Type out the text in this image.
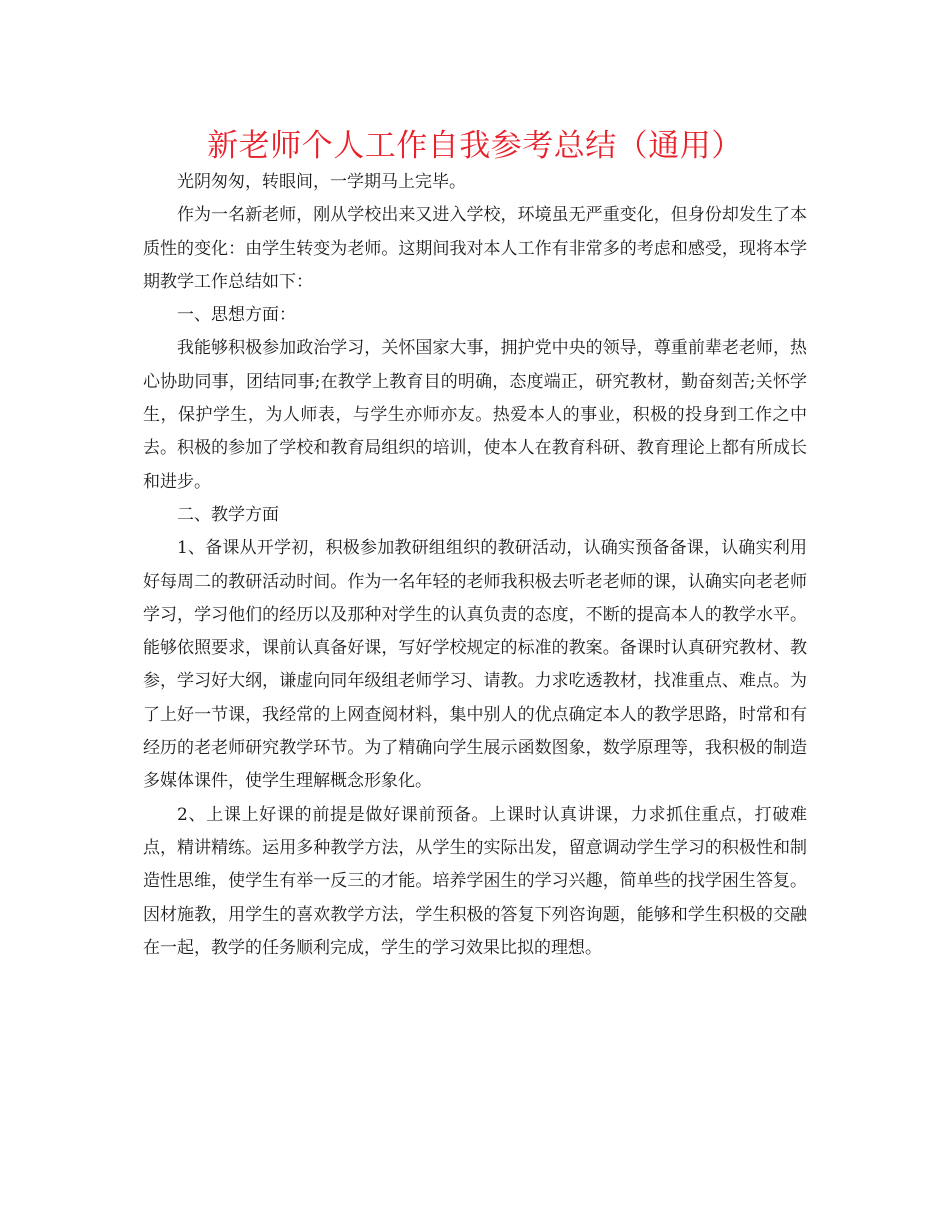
新老师个人工作自我参考总结（通用）

光阴匆匆，转眼间，一学期马上完毕。

作为一名新老师，刚从学校出来又进入学校，环境虽无严重变化，但身份却发生了本质性的变化：由学生转变为老师。这期间我对本人工作有非常多的考虑和感受，现将本学期教学工作总结如下：

一、思想方面：

我能够积极参加政治学习，关怀国家大事，拥护党中央的领导，尊重前辈老老师，热心协助同事，团结同事;在教学上教育目的明确，态度端正，研究教材，勤奋刻苦;关怀学生，保护学生，为人师表，与学生亦师亦友。热爱本人的事业，积极的投身到工作之中去。积极的参加了学校和教育局组织的培训，使本人在教育科研、教育理论上都有所成长和进步。

二、教学方面

1、备课从开学初，积极参加教研组组织的教研活动，认确实预备备课，认确实利用好每周二的教研活动时间。作为一名年轻的老师我积极去听老老师的课，认确实向老老师学习，学习他们的经历以及那种对学生的认真负责的态度，不断的提高本人的教学水平。能够依照要求，课前认真备好课，写好学校规定的标准的教案。备课时认真研究教材、教参，学习好大纲，谦虚向同年级组老师学习、请教。力求吃透教材，找准重点、难点。为了上好一节课，我经常的上网查阅材料，集中别人的优点确定本人的教学思路，时常和有经历的老老师研究教学环节。为了精确向学生展示函数图象，数学原理等，我积极的制造多媒体课件，使学生理解概念形象化。

2、上课上好课的前提是做好课前预备。上课时认真讲课，力求抓住重点，打破难点，精讲精练。运用多种教学方法，从学生的实际出发，留意调动学生学习的积极性和制造性思维，使学生有举一反三的才能。培养学困生的学习兴趣，简单些的找学困生答复。因材施教，用学生的喜欢教学方法，学生积极的答复下列咨询题，能够和学生积极的交融在一起，教学的任务顺利完成，学生的学习效果比拟的理想。
